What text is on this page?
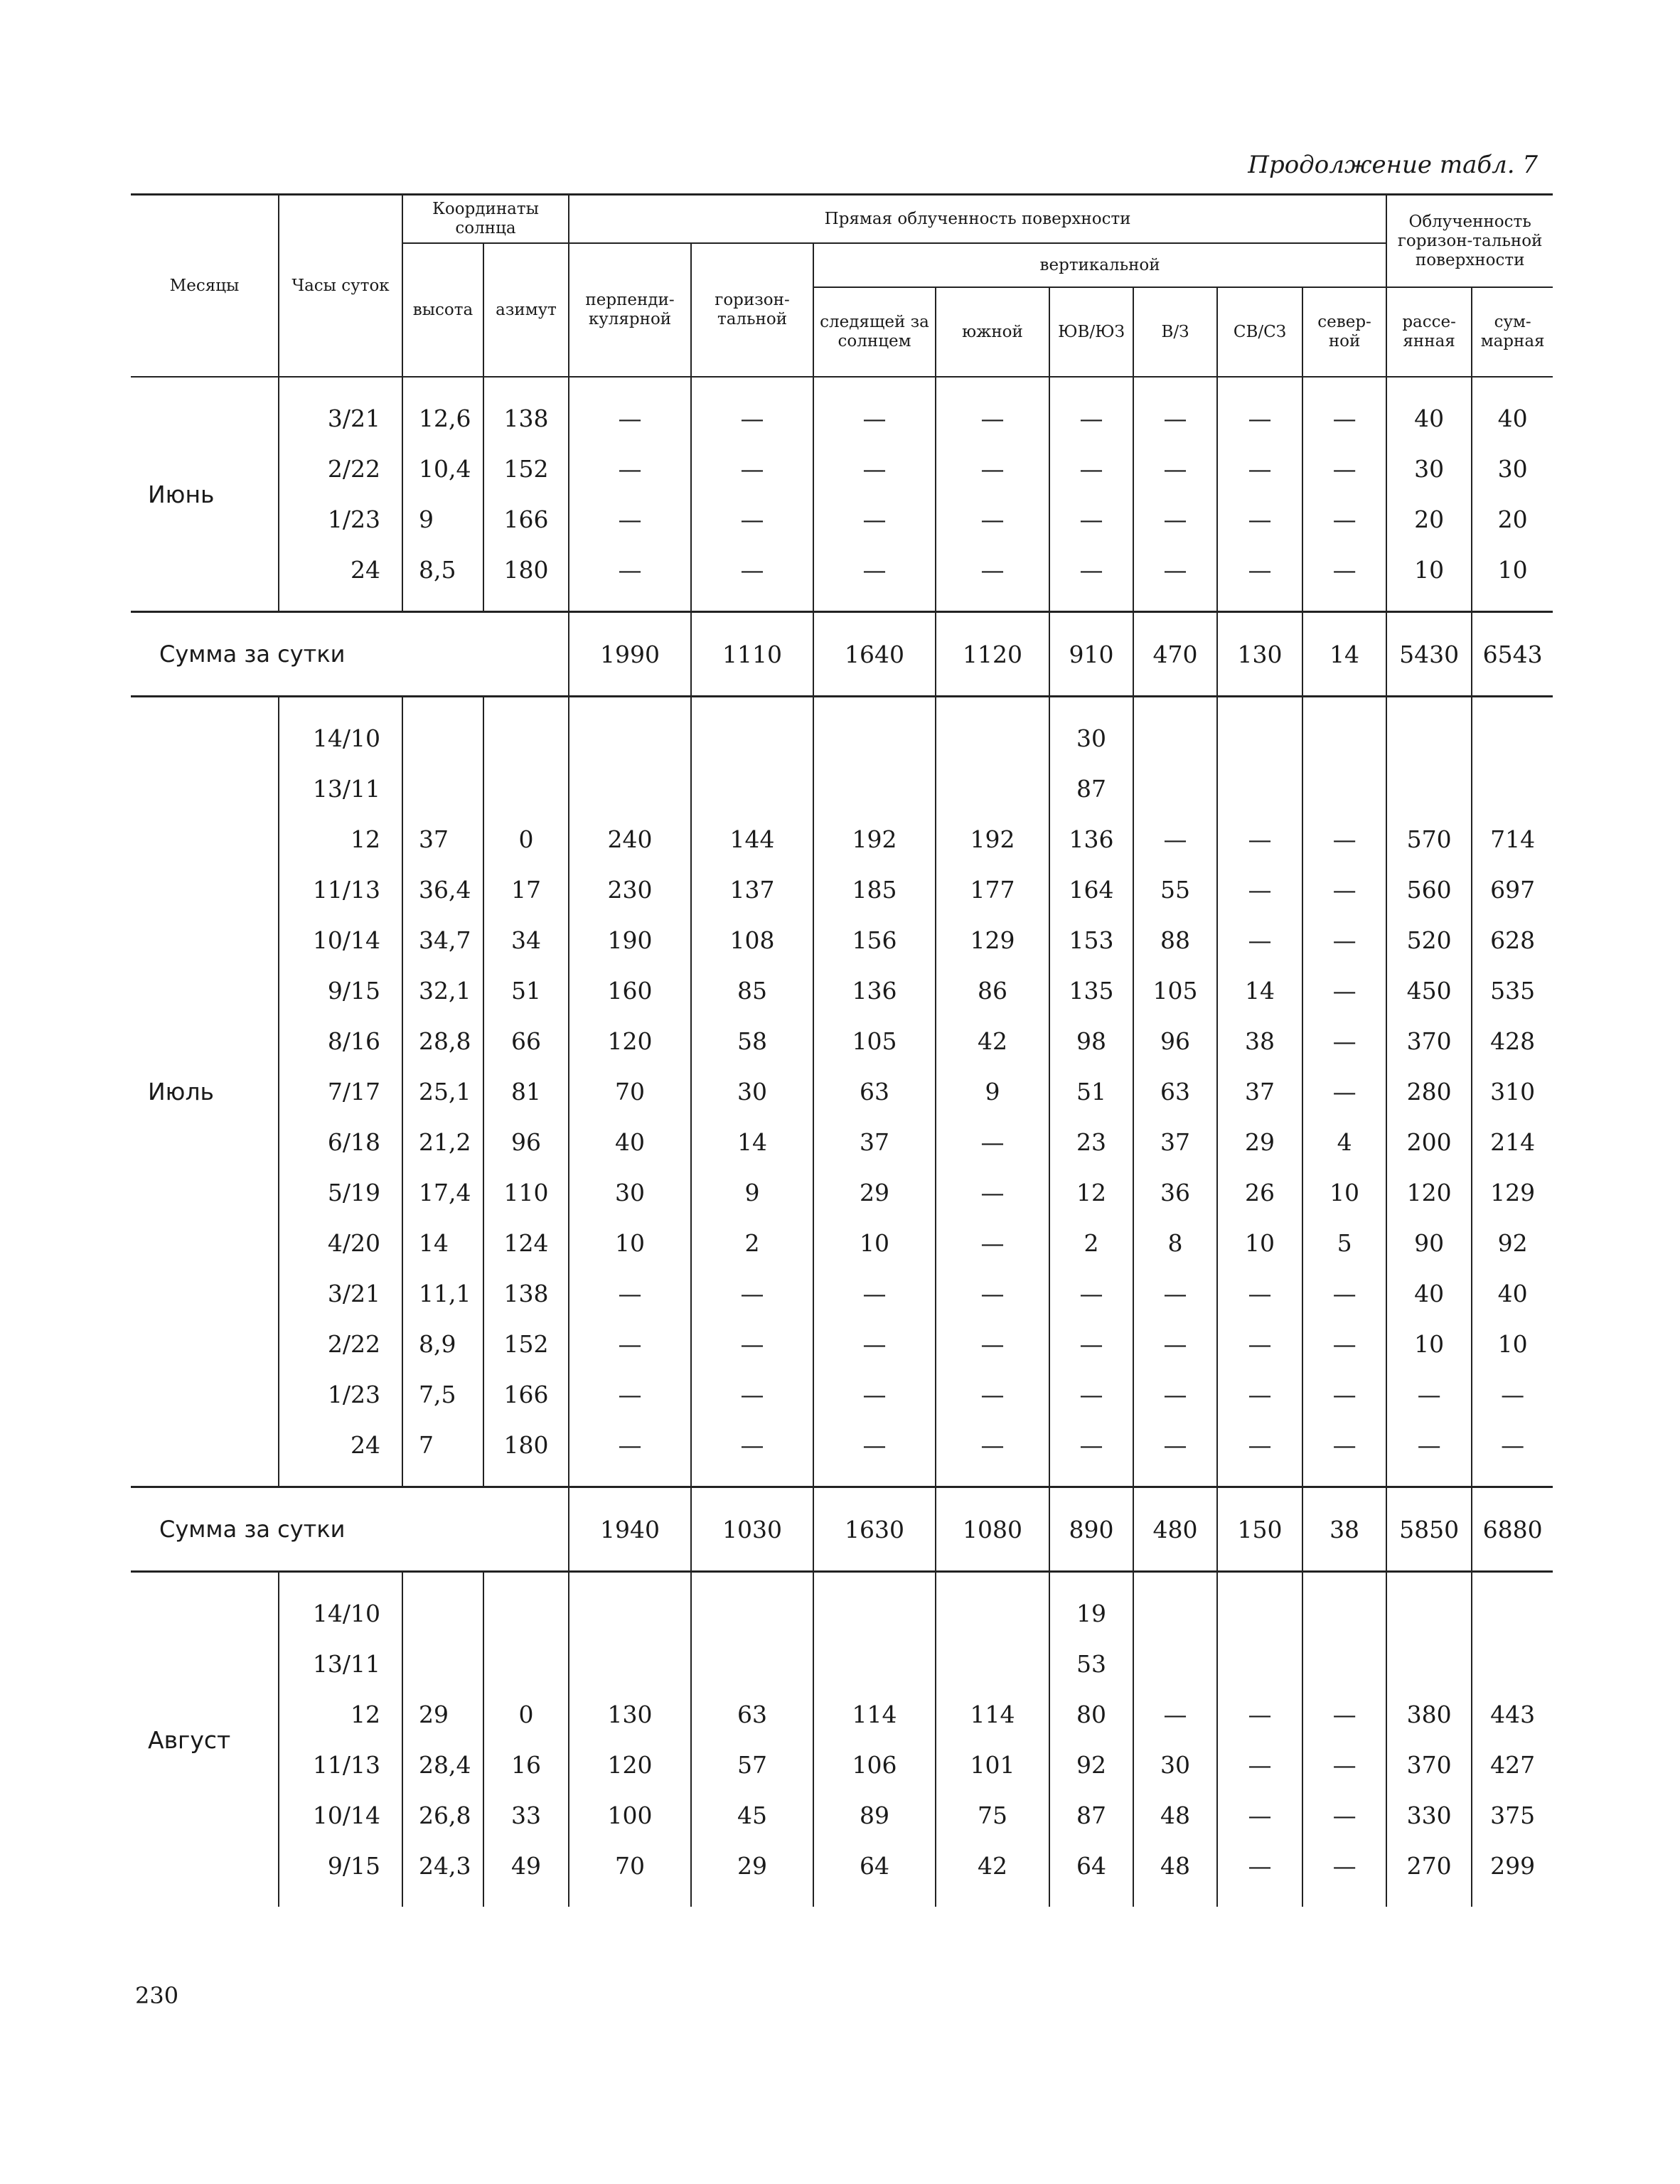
Продолжение табл. 7
Месяцы	Часы суток	Координаты солнца		Прямая облученность поверхности								Облученность горизон-тальной поверхности	
		высота	азимут	перпенди-кулярной	горизон-тальной	вертикальной							
						следящей за солнцем	южной	ЮВ/ЮЗ	В/З	СВ/СЗ	север-ной	рассе-янная	сум-марная

Июнь	3/21	12,6	138	—	—	—	—	—	—	—	—	40	40
	2/22	10,4	152	—	—	—	—	—	—	—	—	30	30
	1/23	9	166	—	—	—	—	—	—	—	—	20	20
	24	8,5	180	—	—	—	—	—	—	—	—	10	10

Сумма за сутки				1990	1110	1640	1120	910	470	130	14	5430	6543

Июль	14/10							30					
	13/11							87					
	12	37	0	240	144	192	192	136	—	—	—	570	714
	11/13	36,4	17	230	137	185	177	164	55	—	—	560	697
	10/14	34,7	34	190	108	156	129	153	88	—	—	520	628
	9/15	32,1	51	160	85	136	86	135	105	14	—	450	535
	8/16	28,8	66	120	58	105	42	98	96	38	—	370	428
	7/17	25,1	81	70	30	63	9	51	63	37	—	280	310
	6/18	21,2	96	40	14	37	—	23	37	29	4	200	214
	5/19	17,4	110	30	9	29	—	12	36	26	10	120	129
	4/20	14	124	10	2	10	—	2	8	10	5	90	92
	3/21	11,1	138	—	—	—	—	—	—	—	—	40	40
	2/22	8,9	152	—	—	—	—	—	—	—	—	10	10
	1/23	7,5	166	—	—	—	—	—	—	—	—	—	—
	24	7	180	—	—	—	—	—	—	—	—	—	—

Сумма за сутки				1940	1030	1630	1080	890	480	150	38	5850	6880

Август	14/10							19					
	13/11							53					
	12	29	0	130	63	114	114	80	—	—	—	380	443
	11/13	28,4	16	120	57	106	101	92	30	—	—	370	427
	10/14	26,8	33	100	45	89	75	87	48	—	—	330	375
	9/15	24,3	49	70	29	64	42	64	48	—	—	270	299

230
